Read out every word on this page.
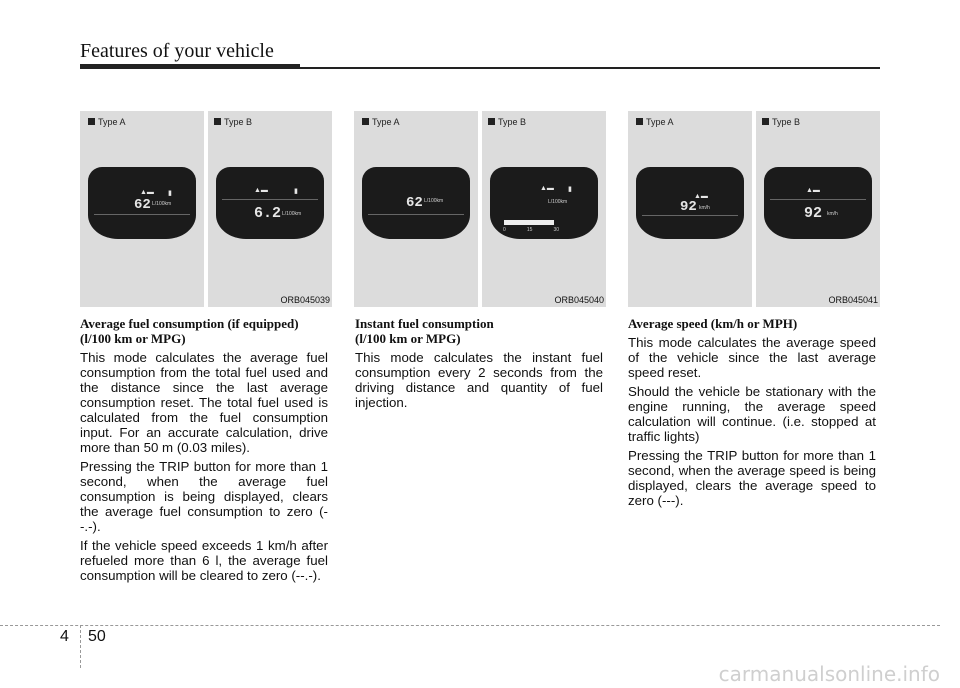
Features of your vehicle
Type A
▲▬ ▮
62 L/100km
Type B
▲▬	▮
6.2 L/100km
ORB045039
Type A
62 L/100km
Type B
▲▬ ▮
L/100km
0	15	30
ORB045040
Type A
▲▬
92 km/h
Type B
▲▬
92 km/h
ORB045041
Average fuel consumption (if equipped)
(l/100 km or MPG)

This mode calculates the average fuel consumption from the total fuel used and the distance since the last average consumption reset. The total fuel used is calculated from the fuel consumption input. For an accurate calculation, drive more than 50 m (0.03 miles).

Pressing the TRIP button for more than 1 second, when the average fuel consumption is being displayed, clears the average fuel consumption to zero (--.-).

If the vehicle speed exceeds 1 km/h after refueled more than 6 l, the average fuel consumption will be cleared to zero (--.-).

Instant fuel consumption
(l/100 km or MPG)

This mode calculates the instant fuel consumption every 2 seconds from the driving distance and quantity of fuel injection.

Average speed (km/h or MPH)

This mode calculates the average speed of the vehicle since the last average speed reset.

Should the vehicle be stationary with the engine running, the average speed calculation will continue. (i.e. stopped at traffic lights)

Pressing the TRIP button for more than 1 second, when the average speed is being displayed, clears the average speed to zero (---).

4 50
carmanualsonline.info
